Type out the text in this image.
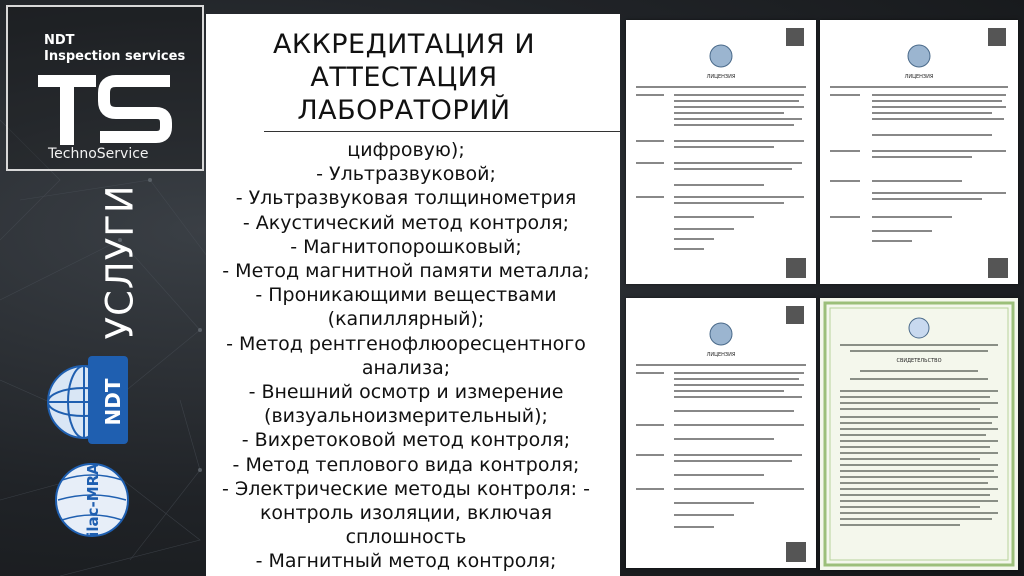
NDT
Inspection services
TechnoService
УСЛУГИ
NDT
ilac-MRA
АККРЕДИТАЦИЯ И
АТТЕСТАЦИЯ
ЛАБОРАТОРИЙ
цифровую);
- Ультразвуковой;
- Ультразвуковая толщинометрия
- Акустический метод контроля;
- Магнитопорошковый;
- Метод магнитной памяти металла;
- Проникающими веществами
(капиллярный);
- Метод рентгенофлюоресцентного
анализа;
- Внешний осмотр и измерение
(визуальноизмерительный);
- Вихретоковой метод контроля;
- Метод теплового вида контроля;
- Электрические методы контроля: -
контроль изоляции, включая
сплошность
- Магнитный метод контроля;
ЛИЦЕНЗИЯ	ЛИЦЕНЗИЯ
ЛИЦЕНЗИЯ
СВИДЕТЕЛЬСТВО
